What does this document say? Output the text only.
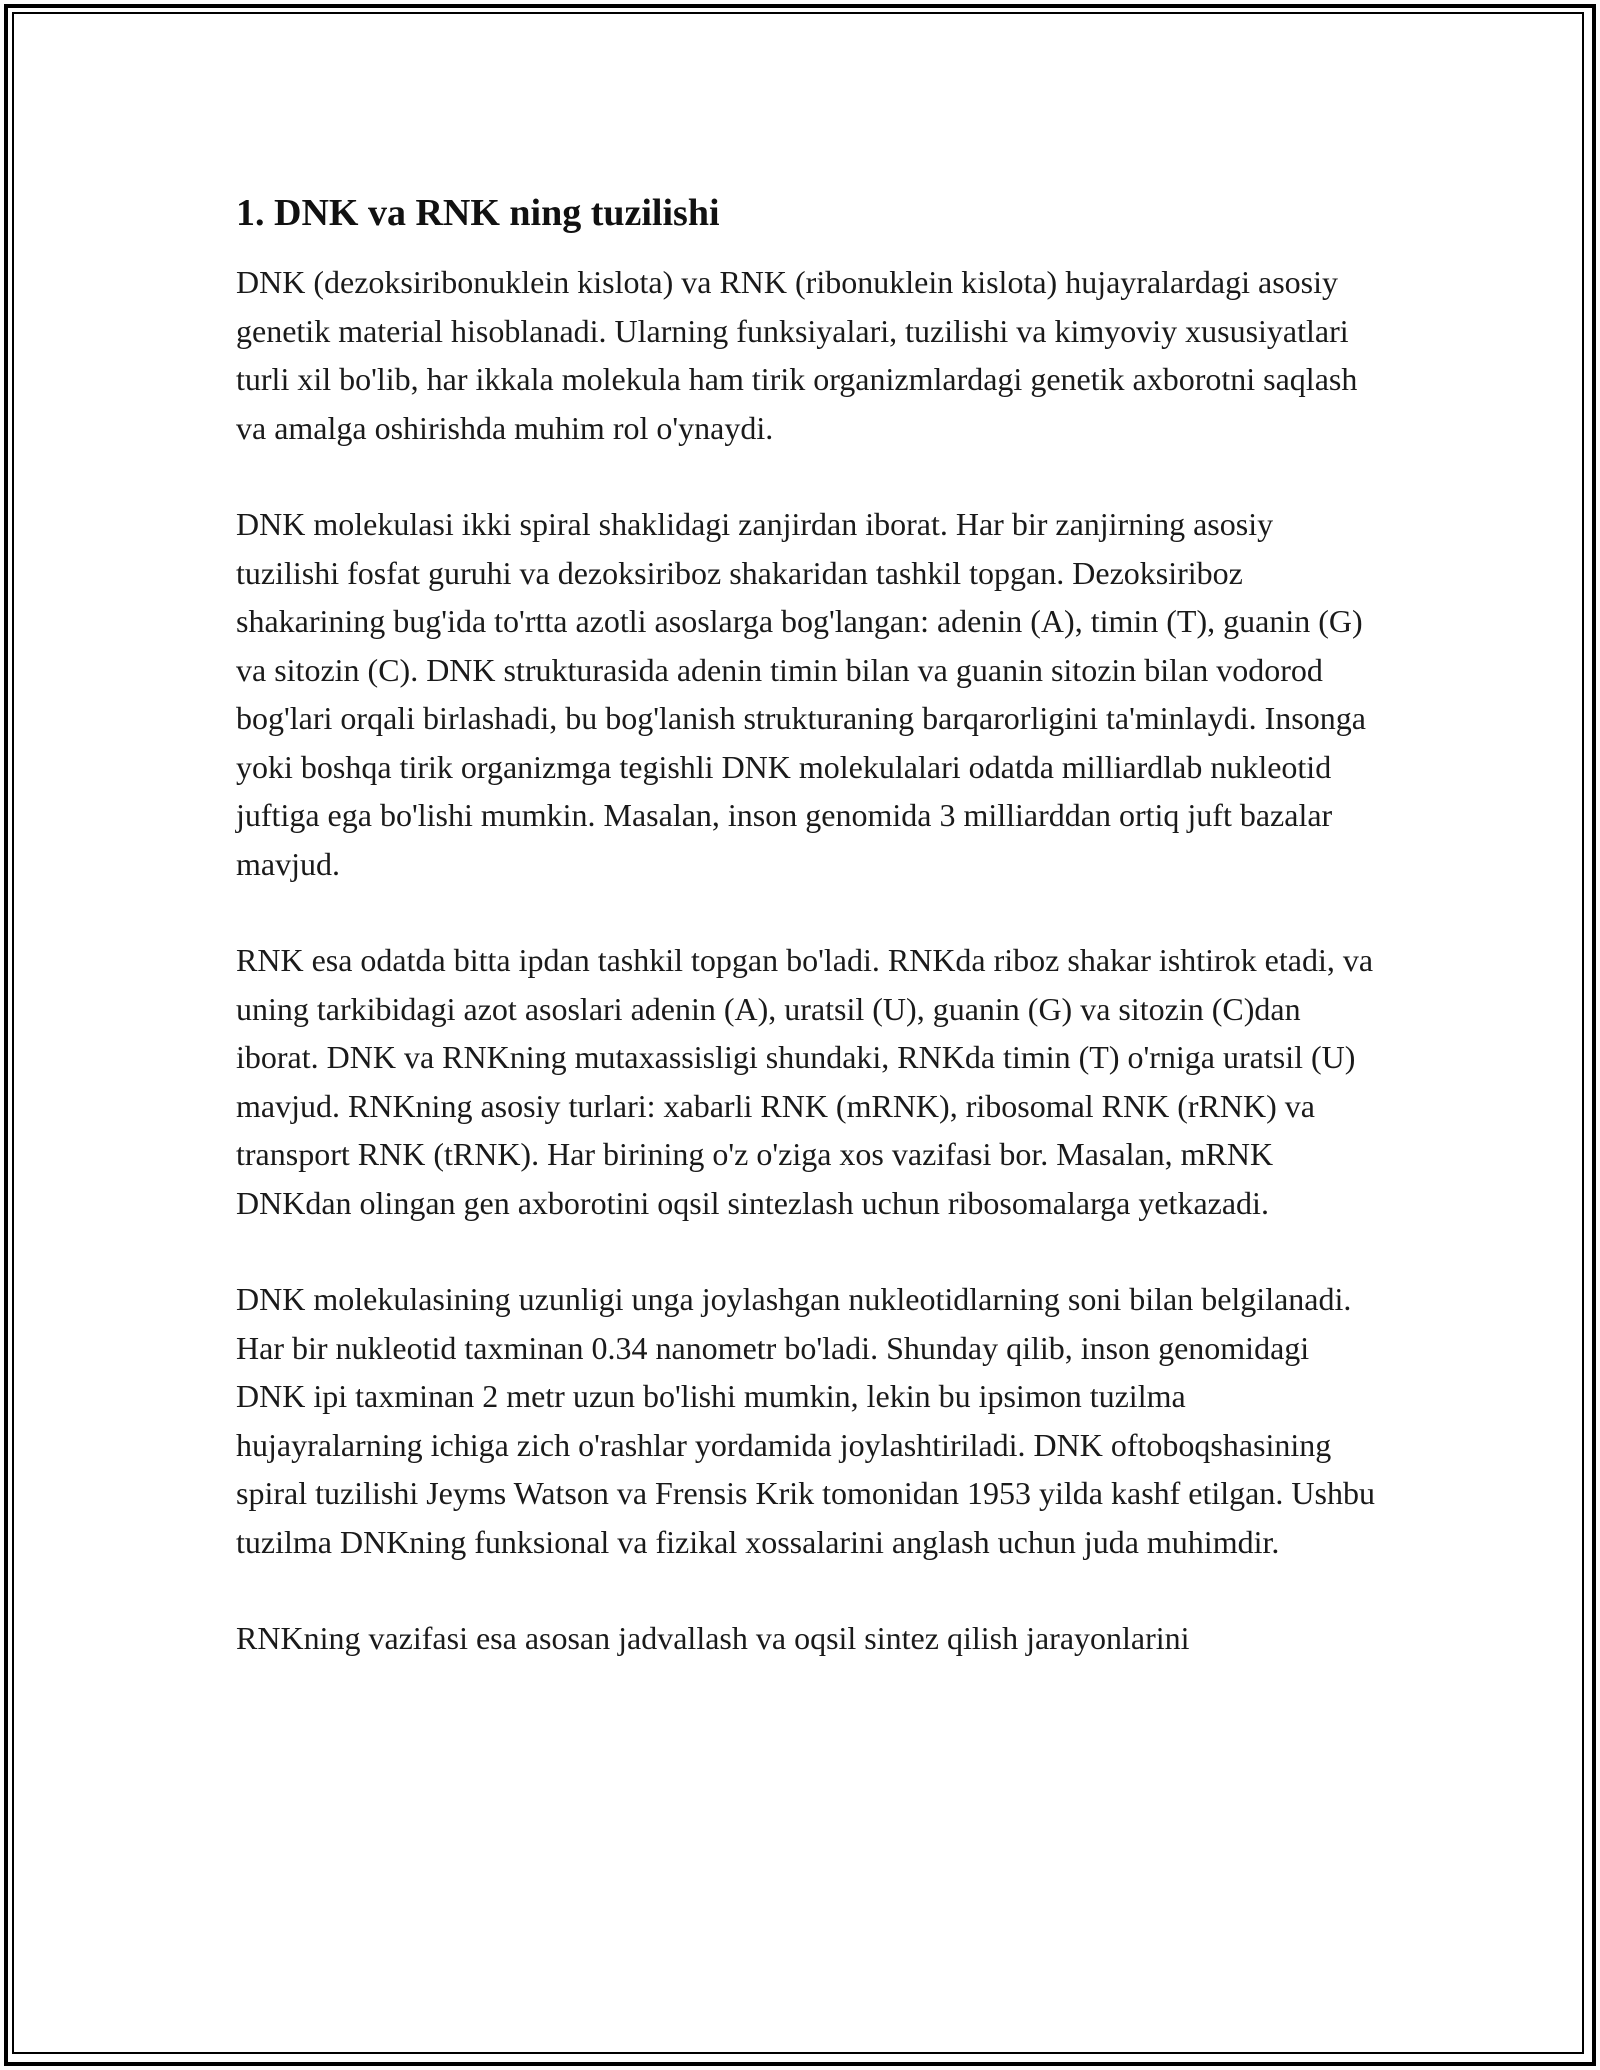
1. DNK va RNK ning tuzilishi

DNK (dezoksiribonuklein kislota) va RNK (ribonuklein kislota) hujayralardagi asosiy genetik material hisoblanadi. Ularning funksiyalari, tuzilishi va kimyoviy xususiyatlari turli xil bo'lib, har ikkala molekula ham tirik organizmlardagi genetik axborotni saqlash va amalga oshirishda muhim rol o'ynaydi.

DNK molekulasi ikki spiral shaklidagi zanjirdan iborat. Har bir zanjirning asosiy tuzilishi fosfat guruhi va dezoksiriboz shakaridan tashkil topgan. Dezoksiriboz shakarining bug'ida to'rtta azotli asoslarga bog'langan: adenin (A), timin (T), guanin (G) va sitozin (C). DNK strukturasida adenin timin bilan va guanin sitozin bilan vodorod bog'lari orqali birlashadi, bu bog'lanish strukturaning barqarorligini ta'minlaydi. Insonga yoki boshqa tirik organizmga tegishli DNK molekulalari odatda milliardlab nukleotid juftiga ega bo'lishi mumkin. Masalan, inson genomida 3 milliarddan ortiq juft bazalar mavjud.

RNK esa odatda bitta ipdan tashkil topgan bo'ladi. RNKda riboz shakar ishtirok etadi, va uning tarkibidagi azot asoslari adenin (A), uratsil (U), guanin (G) va sitozin (C)dan iborat. DNK va RNKning mutaxassisligi shundaki, RNKda timin (T) o'rniga uratsil (U) mavjud. RNKning asosiy turlari: xabarli RNK (mRNK), ribosomal RNK (rRNK) va transport RNK (tRNK). Har birining o'z o'ziga xos vazifasi bor. Masalan, mRNK DNKdan olingan gen axborotini oqsil sintezlash uchun ribosomalarga yetkazadi.

DNK molekulasining uzunligi unga joylashgan nukleotidlarning soni bilan belgilanadi. Har bir nukleotid taxminan 0.34 nanometr bo'ladi. Shunday qilib, inson genomidagi DNK ipi taxminan 2 metr uzun bo'lishi mumkin, lekin bu ipsimon tuzilma hujayralarning ichiga zich o'rashlar yordamida joylashtiriladi. DNK oftoboqshasining spiral tuzilishi Jeyms Watson va Frensis Krik tomonidan 1953 yilda kashf etilgan. Ushbu tuzilma DNKning funksional va fizikal xossalarini anglash uchun juda muhimdir.

RNKning vazifasi esa asosan jadvallash va oqsil sintez qilish jarayonlarini
